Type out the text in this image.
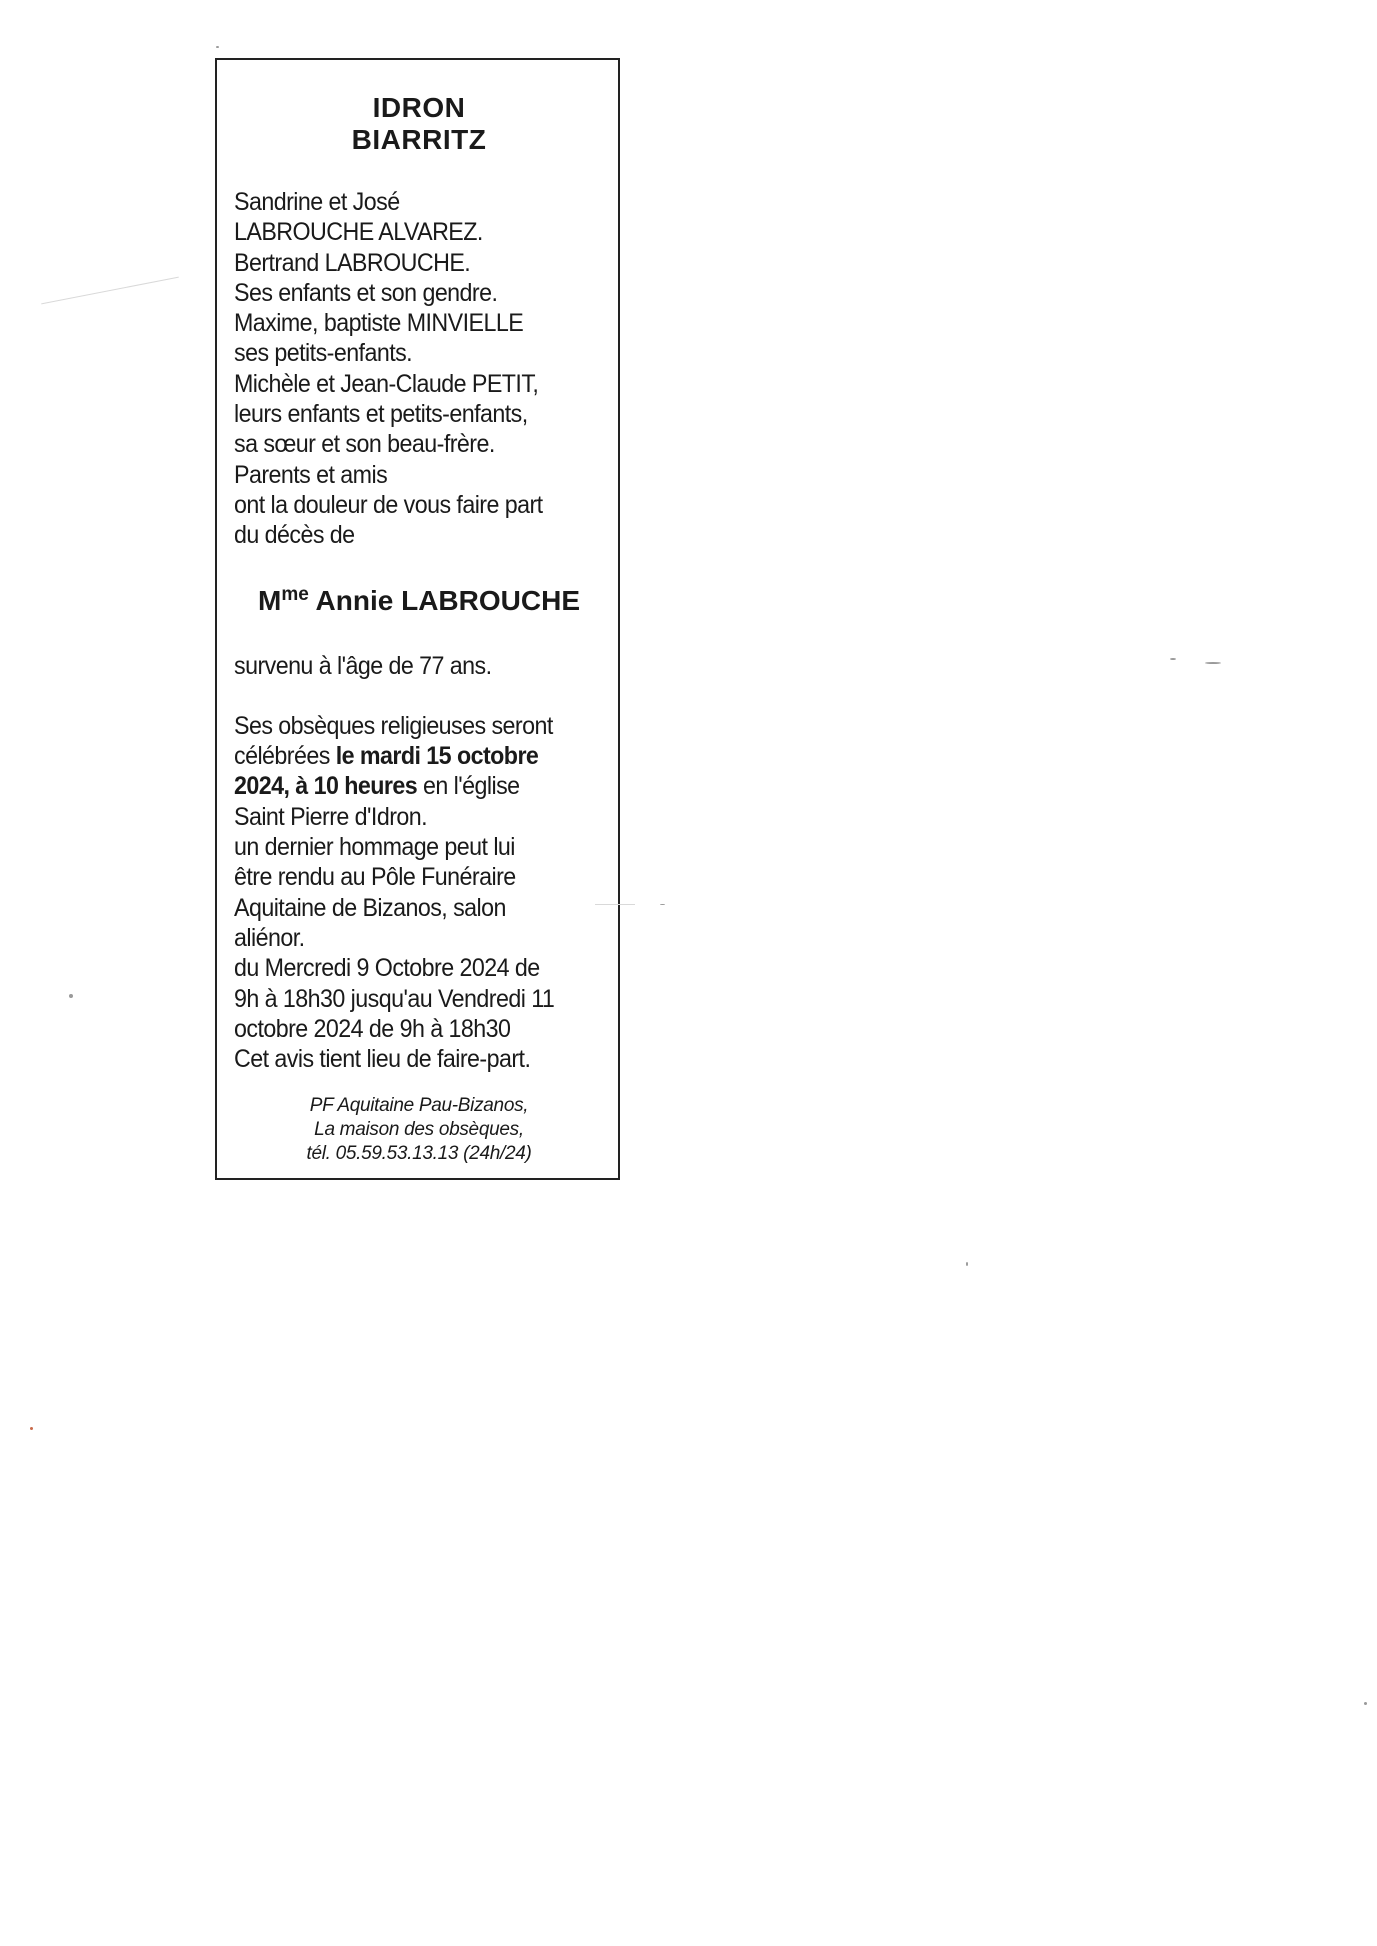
IDRON

BIARRITZ

Sandrine et José
LABROUCHE ALVAREZ.
Bertrand LABROUCHE.
Ses enfants et son gendre.
Maxime, baptiste MINVIELLE
ses petits-enfants.
Michèle et Jean-Claude PETIT,
leurs enfants et petits-enfants,
sa sœur et son beau-frère.
Parents et amis
ont la douleur de vous faire part
du décès de
$M^{me}$ Annie LABROUCHE
survenu à l'âge de 77 ans.
Ses obsèques religieuses seront
célébrées le mardi 15 octobre
2024, à 10 heures en l'église
Saint Pierre d'Idron.
un dernier hommage peut lui
être rendu au Pôle Funéraire
Aquitaine de Bizanos, salon
aliénor.
du Mercredi 9 Octobre 2024 de
9h à 18h30 jusqu'au Vendredi 11
octobre 2024 de 9h à 18h30
Cet avis tient lieu de faire-part.
PF Aquitaine Pau-Bizanos,
La maison des obsèques,
tél. 05.59.53.13.13 (24h/24)
